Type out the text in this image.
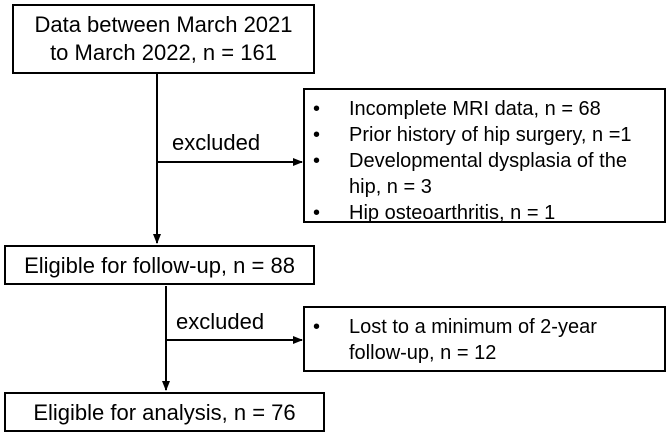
Data between March 2021
to March 2022, n = 161
• Incomplete MRI data, n = 68
• Prior history of hip surgery, n =1
• Developmental dysplasia of the
hip, n = 3
• Hip osteoarthritis, n = 1
excluded
Eligible for follow-up, n = 88
• Lost to a minimum of 2-year
follow-up, n = 12
excluded
Eligible for analysis, n = 76
